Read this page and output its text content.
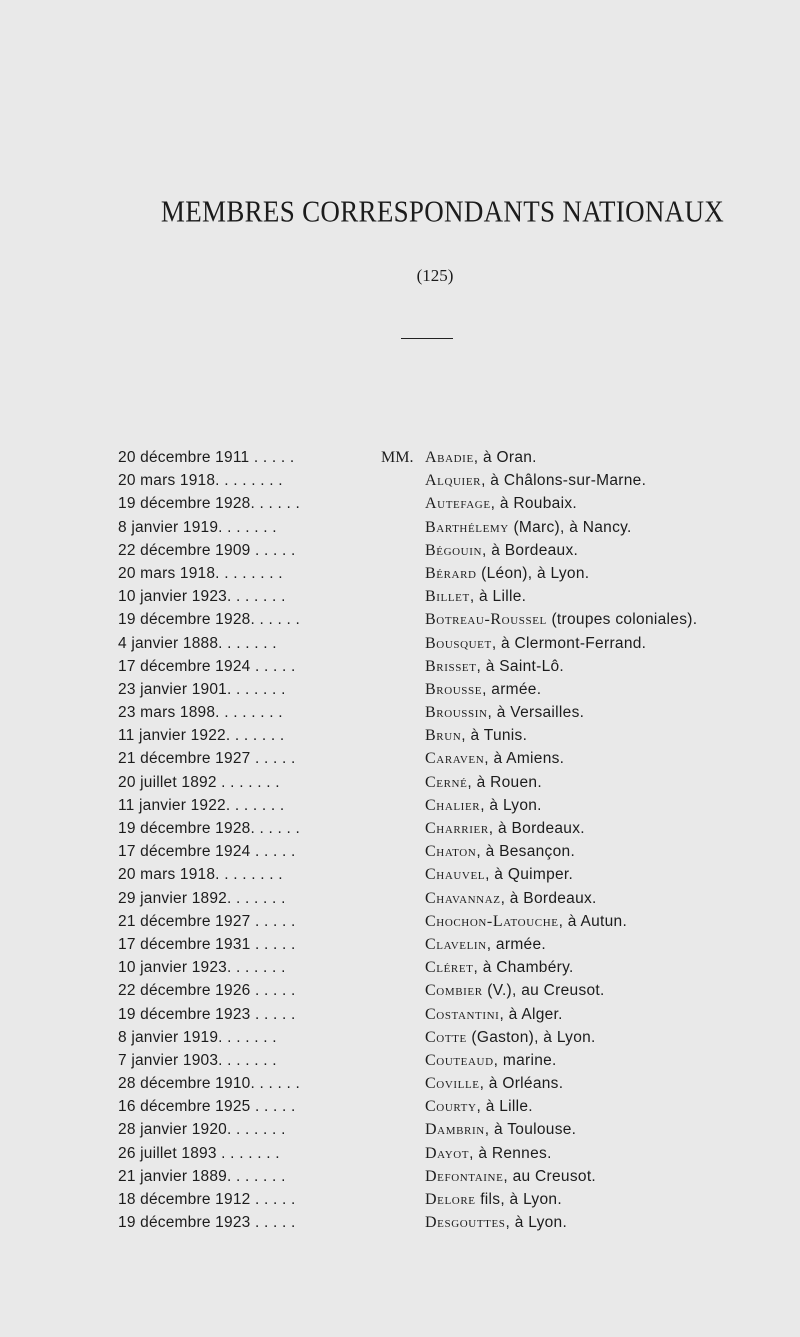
MEMBRES CORRESPONDANTS NATIONAUX
(125)
20 décembre 1911 . . . . .	MM. Abadie, à Oran.
20 mars 1918. . . . . . . .	Alquier, à Châlons-sur-Marne.
19 décembre 1928. . . . . .	Autefage, à Roubaix.
8 janvier 1919. . . . . . .	Barthélemy (Marc), à Nancy.
22 décembre 1909 . . . . .	Bégouin, à Bordeaux.
20 mars 1918. . . . . . . .	Bérard (Léon), à Lyon.
10 janvier 1923. . . . . . .	Billet, à Lille.
19 décembre 1928. . . . . .	Botreau-Roussel (troupes coloniales).
4 janvier 1888. . . . . . .	Bousquet, à Clermont-Ferrand.
17 décembre 1924 . . . . .	Brisset, à Saint-Lô.
23 janvier 1901. . . . . . .	Brousse, armée.
23 mars 1898. . . . . . . .	Broussin, à Versailles.
11 janvier 1922. . . . . . .	Brun, à Tunis.
21 décembre 1927 . . . . .	Caraven, à Amiens.
20 juillet 1892 . . . . . . .	Cerné, à Rouen.
11 janvier 1922. . . . . . .	Chalier, à Lyon.
19 décembre 1928. . . . . .	Charrier, à Bordeaux.
17 décembre 1924 . . . . .	Chaton, à Besançon.
20 mars 1918. . . . . . . .	Chauvel, à Quimper.
29 janvier 1892. . . . . . .	Chavannaz, à Bordeaux.
21 décembre 1927 . . . . .	Chochon-Latouche, à Autun.
17 décembre 1931 . . . . .	Clavelin, armée.
10 janvier 1923. . . . . . .	Cléret, à Chambéry.
22 décembre 1926 . . . . .	Combier (V.), au Creusot.
19 décembre 1923 . . . . .	Costantini, à Alger.
8 janvier 1919. . . . . . .	Cotte (Gaston), à Lyon.
7 janvier 1903. . . . . . .	Couteaud, marine.
28 décembre 1910. . . . . .	Coville, à Orléans.
16 décembre 1925 . . . . .	Courty, à Lille.
28 janvier 1920. . . . . . .	Dambrin, à Toulouse.
26 juillet 1893 . . . . . . .	Dayot, à Rennes.
21 janvier 1889. . . . . . .	Defontaine, au Creusot.
18 décembre 1912 . . . . .	Delore fils, à Lyon.
19 décembre 1923 . . . . .	Desgouttes, à Lyon.
